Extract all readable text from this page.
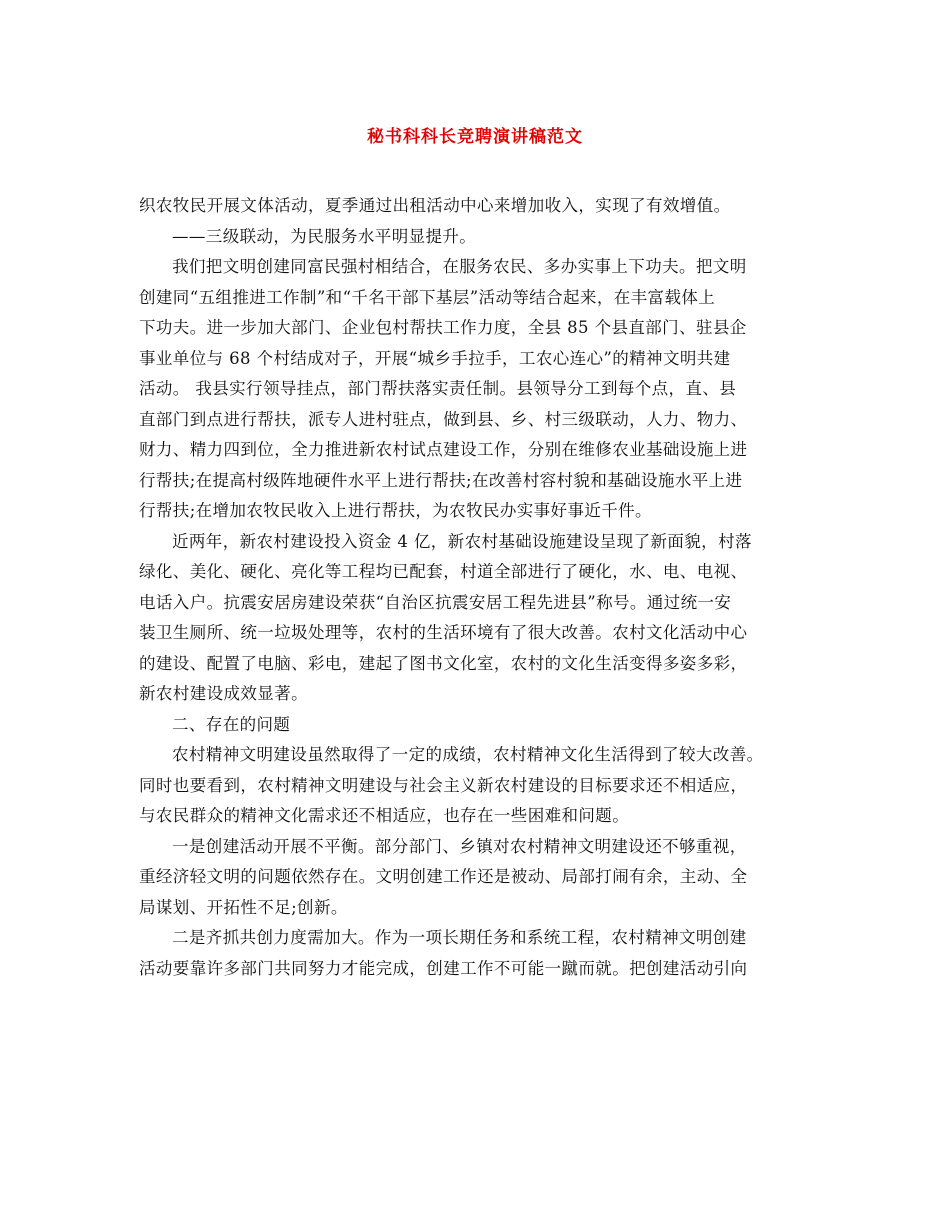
秘书科科长竞聘演讲稿范文
织农牧民开展文体活动，夏季通过出租活动中心来增加收入，实现了有效增值。
——三级联动，为民服务水平明显提升。
我们把文明创建同富民强村相结合，在服务农民、多办实事上下功夫。把文明
创建同“五组推进工作制”和“千名干部下基层”活动等结合起来，在丰富载体上
下功夫。进一步加大部门、企业包村帮扶工作力度，全县 85 个县直部门、驻县企
事业单位与 68 个村结成对子，开展“城乡手拉手，工农心连心”的精神文明共建
活动。 我县实行领导挂点，部门帮扶落实责任制。县领导分工到每个点，直、县
直部门到点进行帮扶，派专人进村驻点，做到县、乡、村三级联动，人力、物力、
财力、精力四到位，全力推进新农村试点建设工作，分别在维修农业基础设施上进
行帮扶;在提高村级阵地硬件水平上进行帮扶;在改善村容村貌和基础设施水平上进
行帮扶;在增加农牧民收入上进行帮扶，为农牧民办实事好事近千件。
近两年，新农村建设投入资金 4 亿，新农村基础设施建设呈现了新面貌，村落
绿化、美化、硬化、亮化等工程均已配套，村道全部进行了硬化，水、电、电视、
电话入户。抗震安居房建设荣获“自治区抗震安居工程先进县”称号。通过统一安
装卫生厕所、统一垃圾处理等，农村的生活环境有了很大改善。农村文化活动中心
的建设、配置了电脑、彩电，建起了图书文化室，农村的文化生活变得多姿多彩，
新农村建设成效显著。
二、存在的问题
农村精神文明建设虽然取得了一定的成绩，农村精神文化生活得到了较大改善。
同时也要看到，农村精神文明建设与社会主义新农村建设的目标要求还不相适应，
与农民群众的精神文化需求还不相适应，也存在一些困难和问题。
一是创建活动开展不平衡。部分部门、乡镇对农村精神文明建设还不够重视，
重经济轻文明的问题依然存在。文明创建工作还是被动、局部打闹有余，主动、全
局谋划、开拓性不足;创新。
二是齐抓共创力度需加大。作为一项长期任务和系统工程，农村精神文明创建
活动要靠许多部门共同努力才能完成，创建工作不可能一蹴而就。把创建活动引向
